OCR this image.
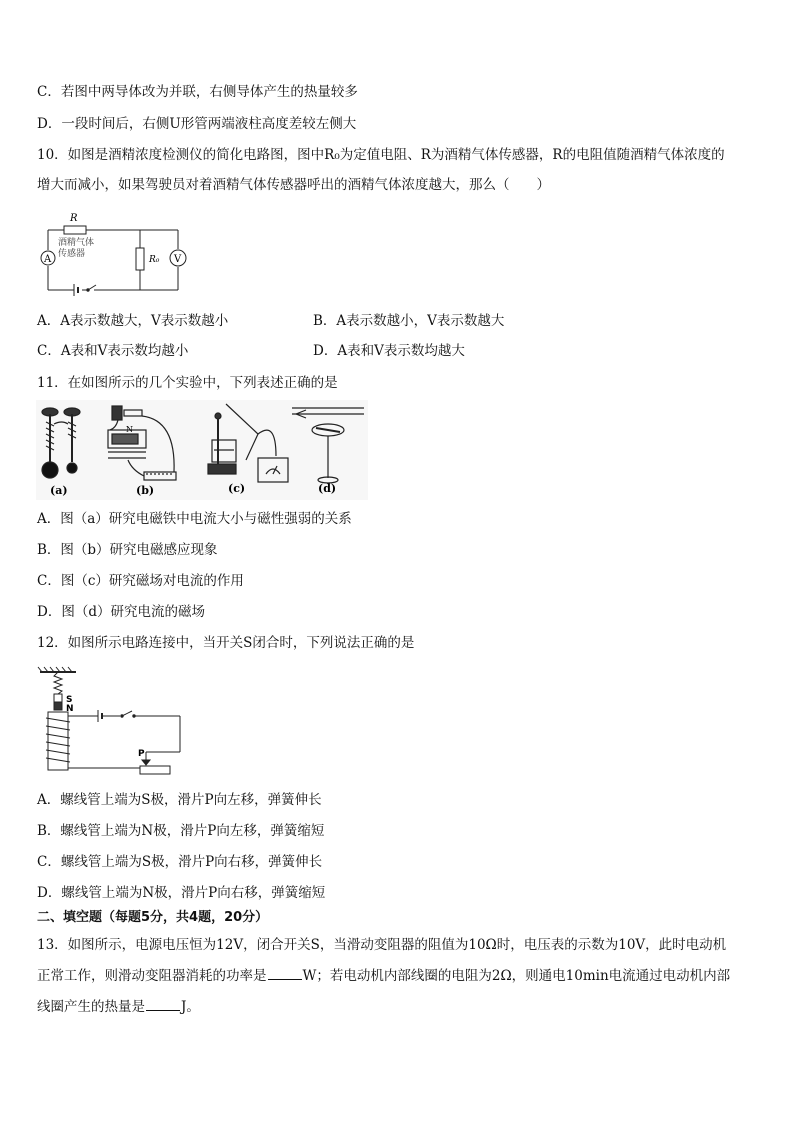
C．若图中两导体改为并联，右侧导体产生的热量较多
D．一段时间后，右侧U形管两端液柱高度差较左侧大
10．如图是酒精浓度检测仪的简化电路图，图中R₀为定值电阻、R为酒精气体传感器，R的电阻值随酒精气体浓度的
增大而减小，如果驾驶员对着酒精气体传感器呼出的酒精气体浓度越大，那么（　　）
R
酒精气体
传感器
R₀
A	V
A．A表示数越大，V表示数越小	B．A表示数越小，V表示数越大
C．A表和V表示数均越小	D．A表和V表示数均越大
11．在如图所示的几个实验中，下列表述正确的是
N
(a)	(b)	(c)	(d)
A．图（a）研究电磁铁中电流大小与磁性强弱的关系
B．图（b）研究电磁感应现象
C．图（c）研究磁场对电流的作用
D．图（d）研究电流的磁场
12．如图所示电路连接中，当开关S闭合时，下列说法正确的是
S
N
P
A．螺线管上端为S极，滑片P向左移，弹簧伸长
B．螺线管上端为N极，滑片P向左移，弹簧缩短
C．螺线管上端为S极，滑片P向右移，弹簧伸长
D．螺线管上端为N极，滑片P向右移，弹簧缩短
二、填空题（每题5分，共4题，20分）
13．如图所示，电源电压恒为12V，闭合开关S，当滑动变阻器的阻值为10Ω时，电压表的示数为10V，此时电动机
正常工作，则滑动变阻器消耗的功率是	W；若电动机内部线圈的电阻为2Ω，则通电10min电流通过电动机内部
线圈产生的热量是	J。
